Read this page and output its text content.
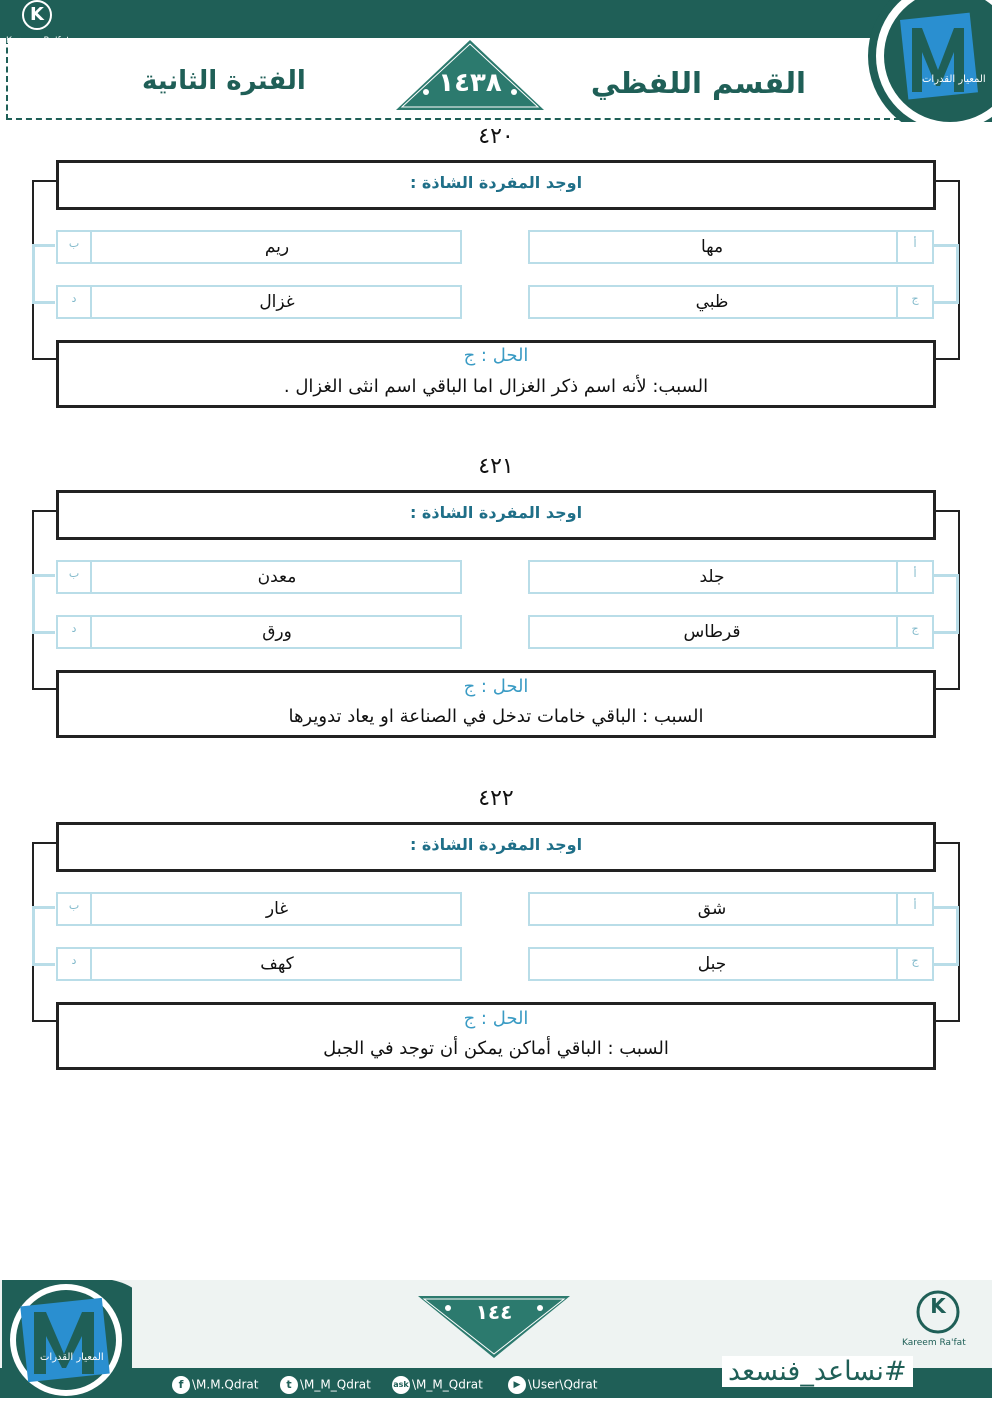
K
Kareem Ra'fat
القسم اللفظي
١٤٣٨
الفترة الثانية	المعيار القدرات
٤٢٠
اوجد المفردة الشاذة :
مها	أ
ب	ريم
ظبي	ج
د	غزال
الحل : ج
السبب: لأنه اسم ذكر الغزال اما الباقي اسم انثى الغزال .
٤٢١
اوجد المفردة الشاذة :
جلد	أ
ب	معدن
قرطاس	ج
د	ورق
الحل : ج
السبب : الباقي خامات تدخل في الصناعة او يعاد تدويرها
٤٢٢
اوجد المفردة الشاذة :
شق	أ
ب	غار
جبل	ج
د	كهف
الحل : ج
السبب : الباقي أماكن يمكن أن توجد في الجبل
المعيار القدرات
١٤٤	K
Kareem Ra'fat
#نساعد_فنسعد
f \M.M.Qdrat	t \M_M_Qdrat	ask \M_M_Qdrat	▶ \User\Qdrat
